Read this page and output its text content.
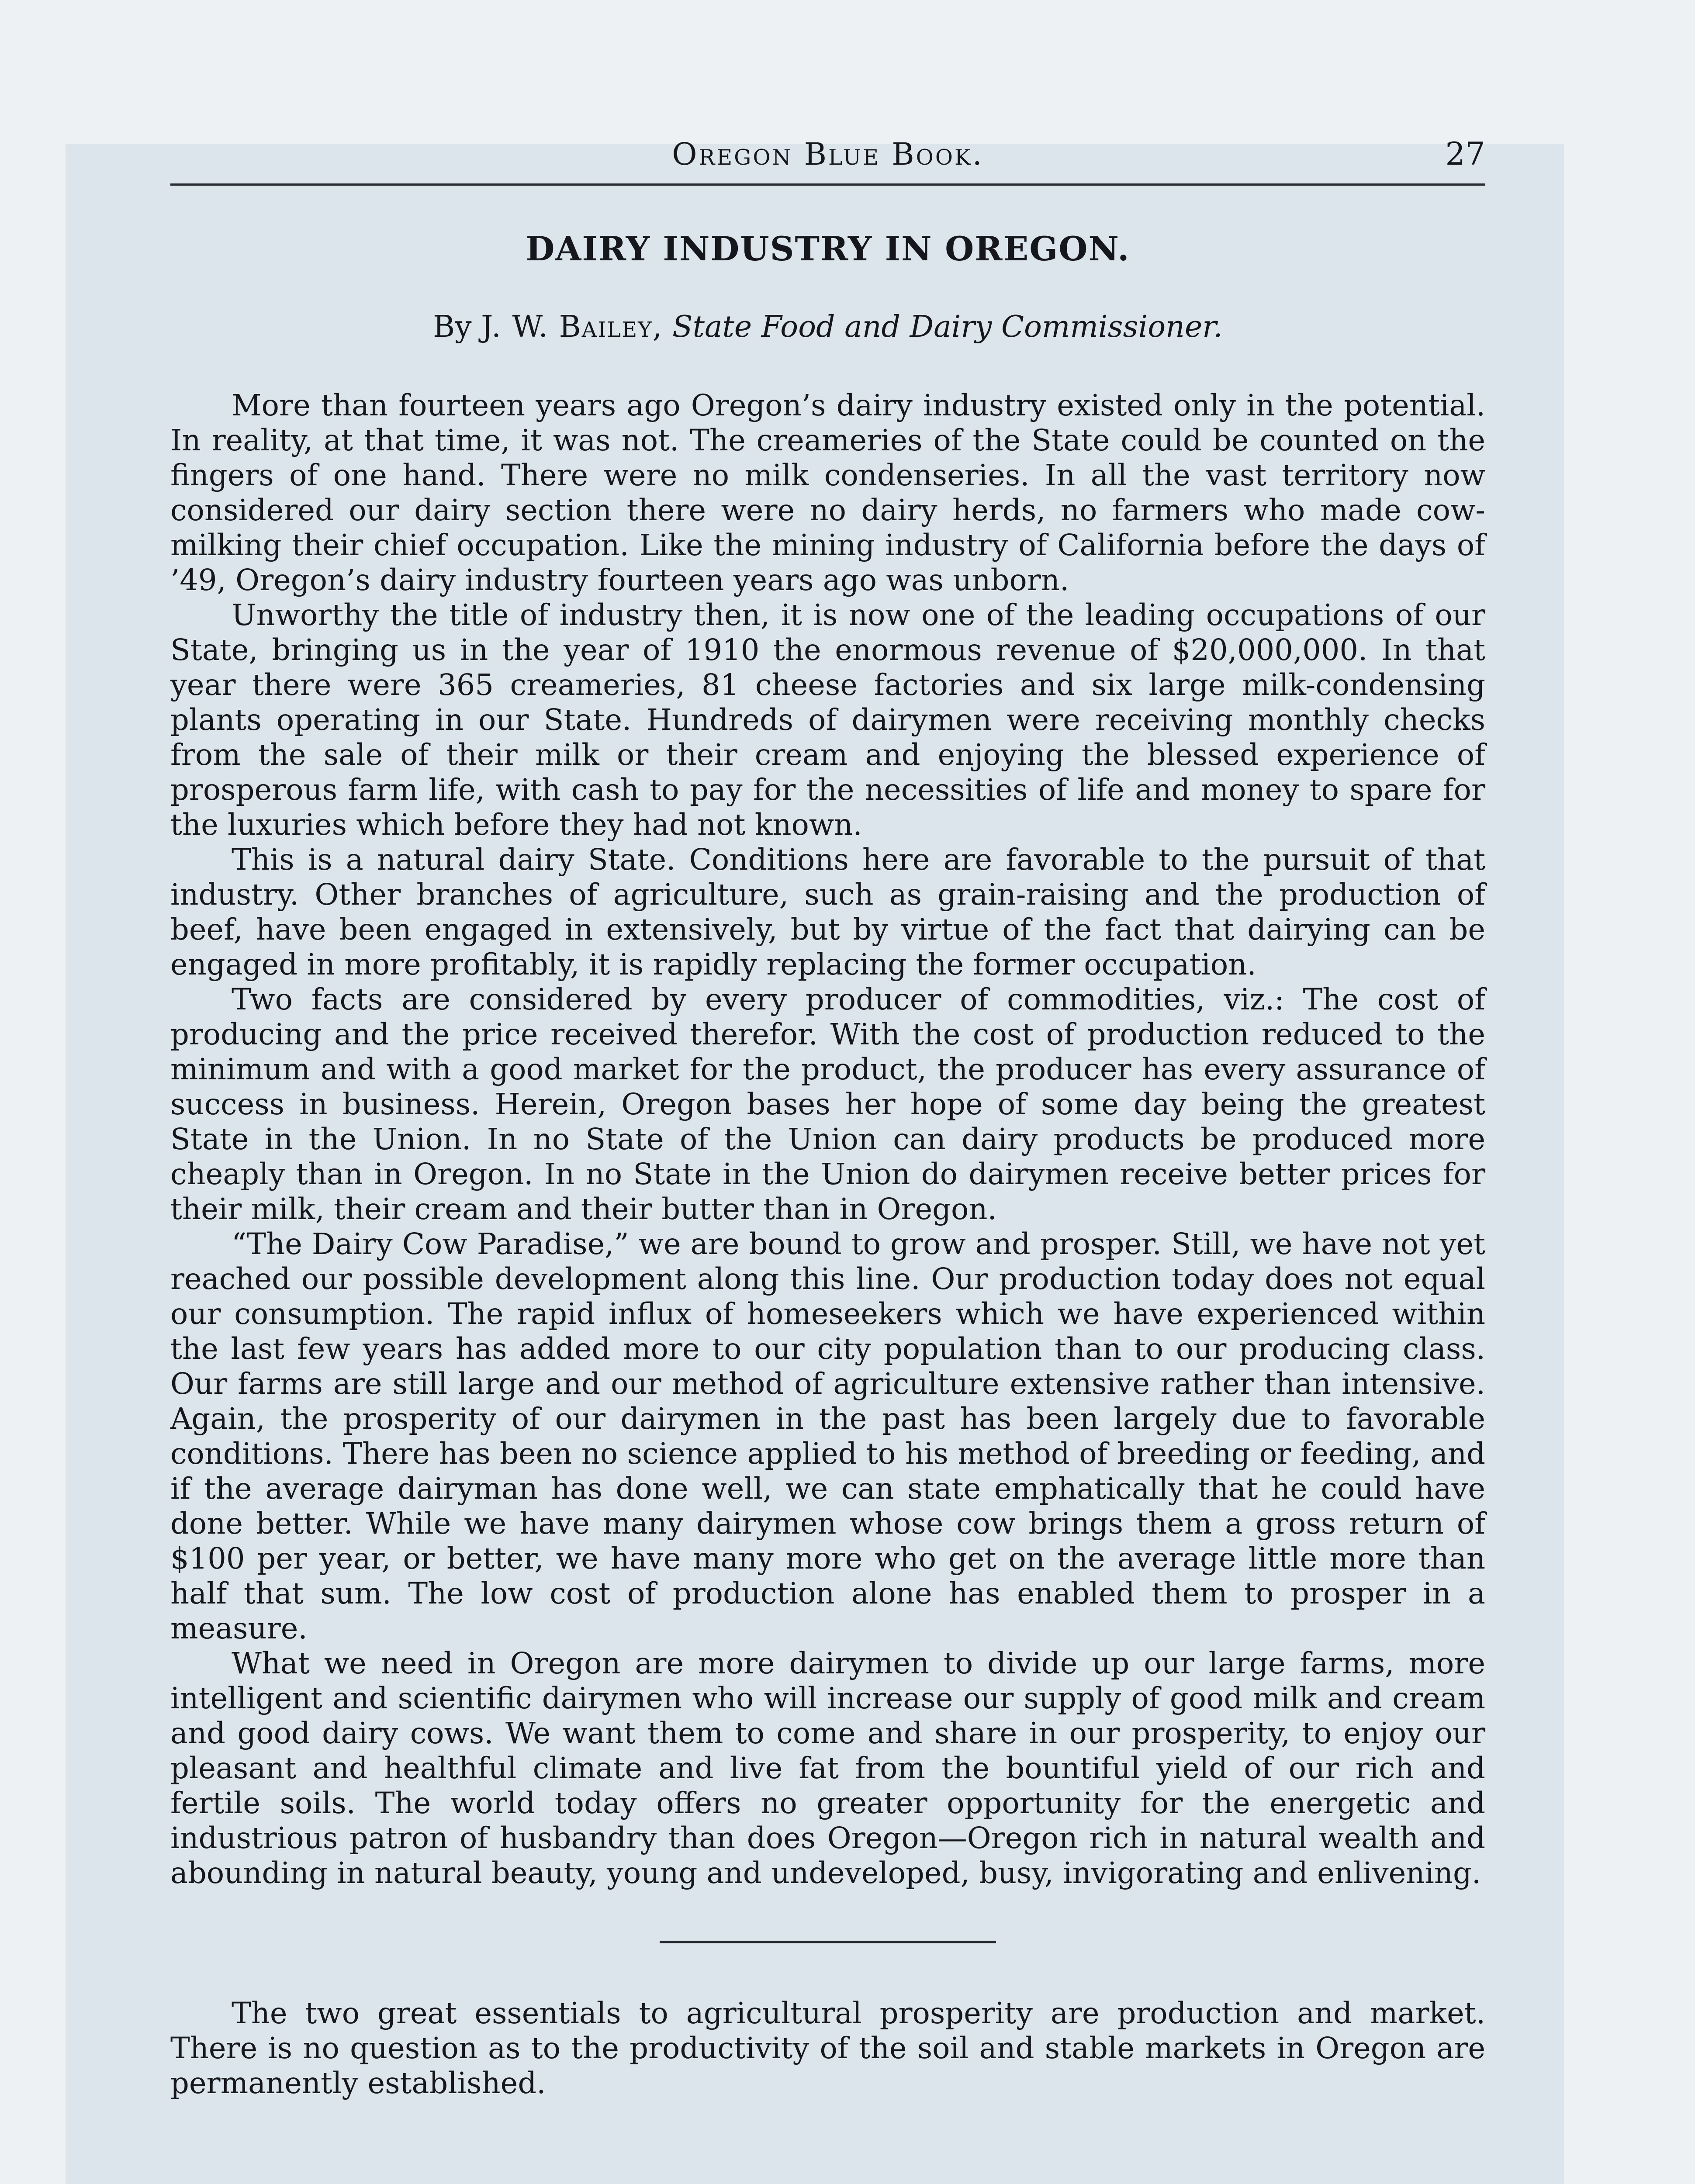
Oregon Blue Book.	27
DAIRY INDUSTRY IN OREGON.
By J. W. Bailey, State Food and Dairy Commissioner.

More than fourteen years ago Oregon’s dairy industry existed only in the potential. In reality, at that time, it was not. The creameries of the State could be counted on the fingers of one hand. There were no milk condenseries. In all the vast territory now considered our dairy section there were no dairy herds, no farmers who made cow-milking their chief occupation. Like the mining industry of California before the days of ’49, Oregon’s dairy industry fourteen years ago was unborn.

Unworthy the title of industry then, it is now one of the leading occupations of our State, bringing us in the year of 1910 the enormous revenue of $20,000,000. In that year there were 365 creameries, 81 cheese factories and six large milk-condensing plants operating in our State. Hundreds of dairymen were receiving monthly checks from the sale of their milk or their cream and enjoying the blessed experience of prosperous farm life, with cash to pay for the necessities of life and money to spare for the luxuries which before they had not known.

This is a natural dairy State. Conditions here are favorable to the pursuit of that industry. Other branches of agriculture, such as grain-raising and the production of beef, have been engaged in extensively, but by virtue of the fact that dairying can be engaged in more profitably, it is rapidly replacing the former occupation.

Two facts are considered by every producer of commodities, viz.: The cost of producing and the price received therefor. With the cost of production reduced to the minimum and with a good market for the product, the producer has every assurance of success in business. Herein, Oregon bases her hope of some day being the greatest State in the Union. In no State of the Union can dairy products be produced more cheaply than in Oregon. In no State in the Union do dairymen receive better prices for their milk, their cream and their butter than in Oregon.

“The Dairy Cow Paradise,” we are bound to grow and prosper. Still, we have not yet reached our possible development along this line. Our production today does not equal our consumption. The rapid influx of homeseekers which we have experienced within the last few years has added more to our city population than to our producing class. Our farms are still large and our method of agriculture extensive rather than intensive. Again, the prosperity of our dairymen in the past has been largely due to favorable conditions. There has been no science applied to his method of breeding or feeding, and if the average dairyman has done well, we can state emphatically that he could have done better. While we have many dairymen whose cow brings them a gross return of $100 per year, or better, we have many more who get on the average little more than half that sum. The low cost of production alone has enabled them to prosper in a measure.

What we need in Oregon are more dairymen to divide up our large farms, more intelligent and scientific dairymen who will increase our supply of good milk and cream and good dairy cows. We want them to come and share in our prosperity, to enjoy our pleasant and healthful climate and live fat from the bountiful yield of our rich and fertile soils. The world today offers no greater opportunity for the energetic and industrious patron of husbandry than does Oregon—Oregon rich in natural wealth and abounding in natural beauty, young and undeveloped, busy, invigorating and enlivening.

The two great essentials to agricultural prosperity are production and market. There is no question as to the productivity of the soil and stable markets in Oregon are permanently established.
